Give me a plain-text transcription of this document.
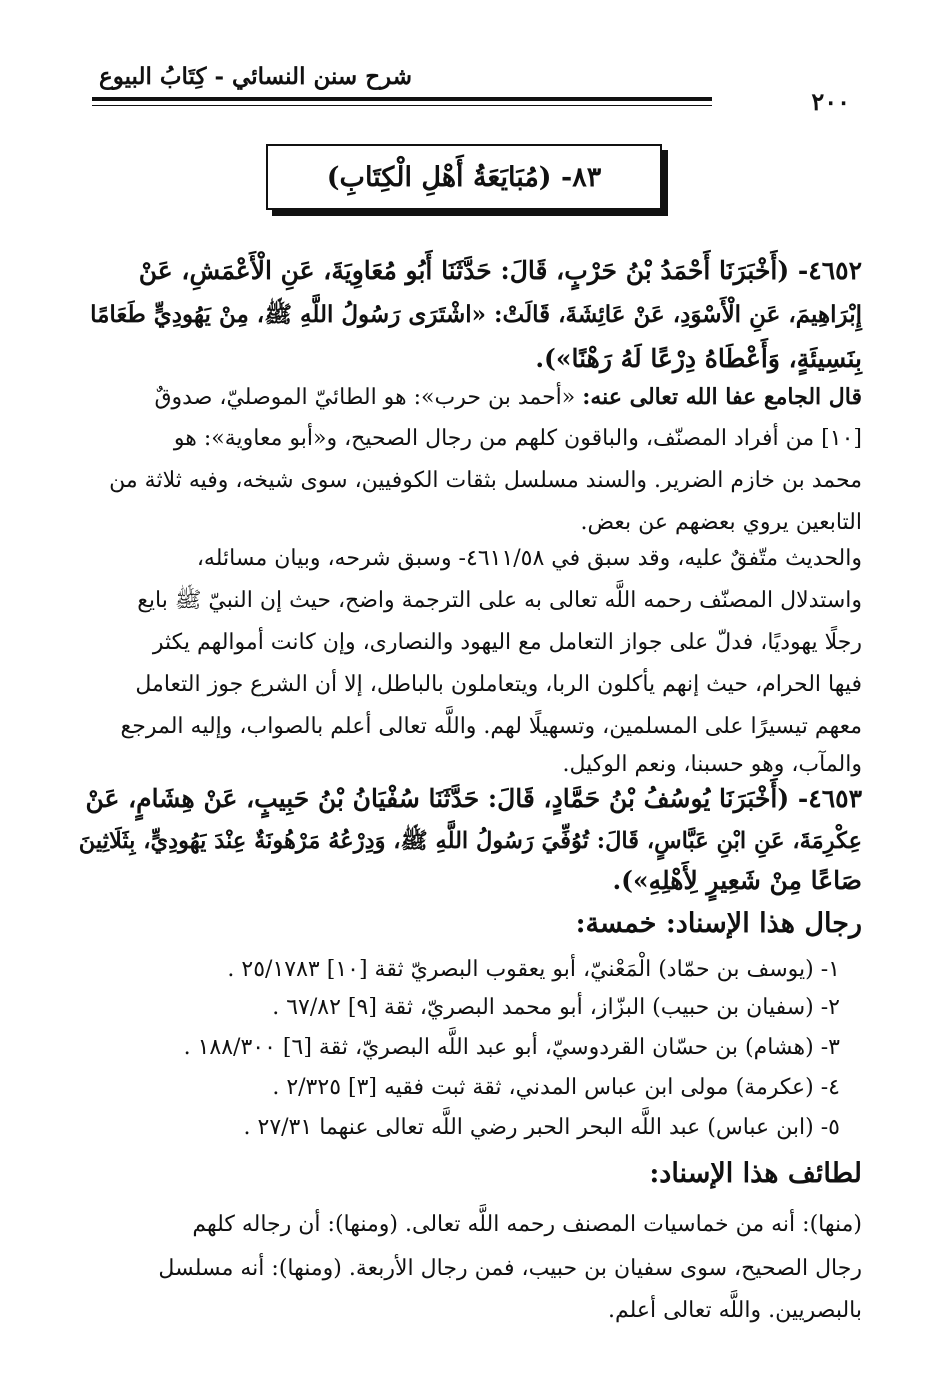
شرح سنن النسائي - كِتَابُ البيوع
٢٠٠
٨٣- (مُبَايَعَةُ أَهْلِ الْكِتَابِ)

٤٦٥٢- (أَخْبَرَنَا أَحْمَدُ بْنُ حَرْبٍ، قَالَ: حَدَّثَنَا أَبُو مُعَاوِيَةَ، عَنِ الْأَعْمَشِ، عَنْ

إِبْرَاهِيمَ، عَنِ الْأَسْوَدِ، عَنْ عَائِشَةَ، قَالَتْ: «اشْتَرَى رَسُولُ اللَّهِ ﷺ، مِنْ يَهُودِيٍّ طَعَامًا

بِنَسِيئَةٍ، وَأَعْطَاهُ دِرْعًا لَهُ رَهْنًا»).

قال الجامع عفا الله تعالى عنه: «أحمد بن حرب»: هو الطائيّ الموصليّ، صدوقٌ

[١٠] من أفراد المصنّف، والباقون كلهم من رجال الصحيح، و«أبو معاوية»: هو

محمد بن خازم الضرير. والسند مسلسل بثقات الكوفيين، سوى شيخه، وفيه ثلاثة من

التابعين يروي بعضهم عن بعض.

والحديث متّفقٌ عليه، وقد سبق في ٤٦١١/٥٨- وسبق شرحه، وبيان مسائله،

واستدلال المصنّف رحمه اللَّه تعالى به على الترجمة واضح، حيث إن النبيّ ﷺ بايع

رجلًا يهوديًا، فدلّ على جواز التعامل مع اليهود والنصارى، وإن كانت أموالهم يكثر

فيها الحرام، حيث إنهم يأكلون الربا، ويتعاملون بالباطل، إلا أن الشرع جوز التعامل

معهم تيسيرًا على المسلمين، وتسهيلًا لهم. واللَّه تعالى أعلم بالصواب، وإليه المرجع

والمآب، وهو حسبنا، ونعم الوكيل.

٤٦٥٣- (أَخْبَرَنَا يُوسُفُ بْنُ حَمَّادٍ، قَالَ: حَدَّثَنَا سُفْيَانُ بْنُ حَبِيبٍ، عَنْ هِشَامٍ، عَنْ

عِكْرِمَةَ، عَنِ ابْنِ عَبَّاسٍ، قَالَ: تُوُفِّيَ رَسُولُ اللَّهِ ﷺ، وَدِرْعُهُ مَرْهُونَةٌ عِنْدَ يَهُودِيٍّ، بِثَلَاثِينَ

صَاعًا مِنْ شَعِيرٍ لِأَهْلِهِ»).

رجال هذا الإسناد: خمسة:

١- (يوسف بن حمّاد) الْمَعْنيّ، أبو يعقوب البصريّ ثقة [١٠] ٢٥/١٧٨٣ .

٢- (سفيان بن حبيب) البزّاز، أبو محمد البصريّ، ثقة [٩] ٦٧/٨٢ .

٣- (هشام) بن حسّان القردوسيّ، أبو عبد اللَّه البصريّ، ثقة [٦] ١٨٨/٣٠٠ .

٤- (عكرمة) مولى ابن عباس المدني، ثقة ثبت فقيه [٣] ٢/٣٢٥ .

٥- (ابن عباس) عبد اللَّه البحر الحبر رضي اللَّه تعالى عنهما ٢٧/٣١ .

لطائف هذا الإسناد:

(منها): أنه من خماسيات المصنف رحمه اللَّه تعالى. (ومنها): أن رجاله كلهم

رجال الصحيح، سوى سفيان بن حبيب، فمن رجال الأربعة. (ومنها): أنه مسلسل

بالبصريين. واللَّه تعالى أعلم.
